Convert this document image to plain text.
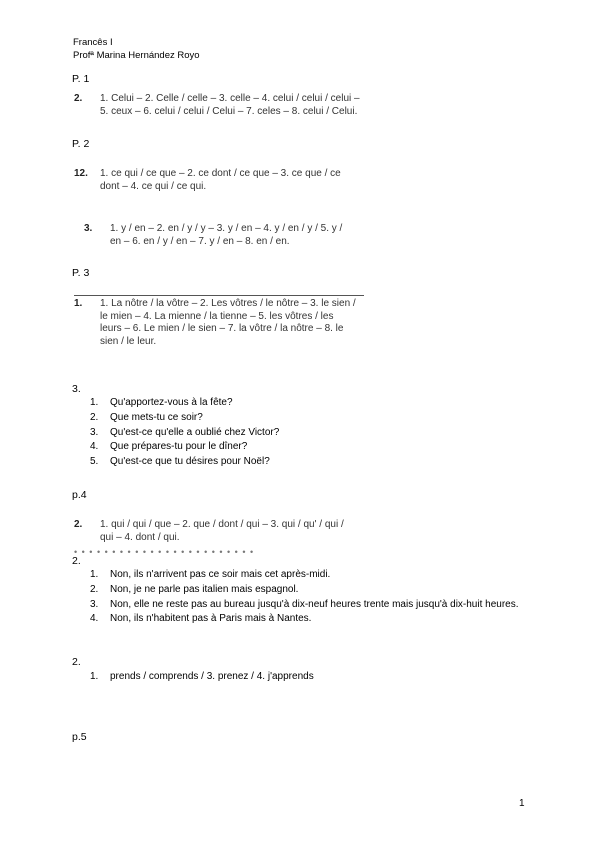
Francês I
Profª Marina Hernández Royo
P. 1
2. 1. Celui – 2. Celle / celle – 3. celle – 4. celui / celui / celui –
5. ceux – 6. celui / celui / Celui – 7. celes – 8. celui / Celui.
P. 2
12. 1. ce qui / ce que – 2. ce dont / ce que – 3. ce que / ce
dont – 4. ce qui / ce qui.
3. 1. y / en – 2. en / y / y – 3. y / en – 4. y / en / y / 5. y /
en – 6. en / y / en – 7. y / en – 8. en / en.
P. 3
1. 1. La nôtre / la vôtre – 2. Les vôtres / le nôtre – 3. le sien /
le mien – 4. La mienne / la tienne – 5. les vôtres / les
leurs – 6. Le mien / le sien – 7. la vôtre / la nôtre – 8. le
sien / le leur.
3.
1. Qu'apportez-vous à la fête?
2. Que mets-tu ce soir?
3. Qu'est-ce qu'elle a oublié chez Victor?
4. Que prépares-tu pour le dîner?
5. Qu'est-ce que tu désires pour Noël?
p.4
2. 1. qui / qui / que – 2. que / dont / qui – 3. qui / qu' / qui /
qui – 4. dont / qui.
• • • • • • • • • • • • • • • • • • • • • • • •
2.
1. Non, ils n'arrivent pas ce soir mais cet après-midi.
2. Non, je ne parle pas italien mais espagnol.
3. Non, elle ne reste pas au bureau jusqu'à dix-neuf heures trente mais jusqu'à dix-huit heures.
4. Non, ils n'habitent pas à Paris mais à Nantes.
2.
1. prends / comprends / 3. prenez / 4. j'apprends
p.5
1
